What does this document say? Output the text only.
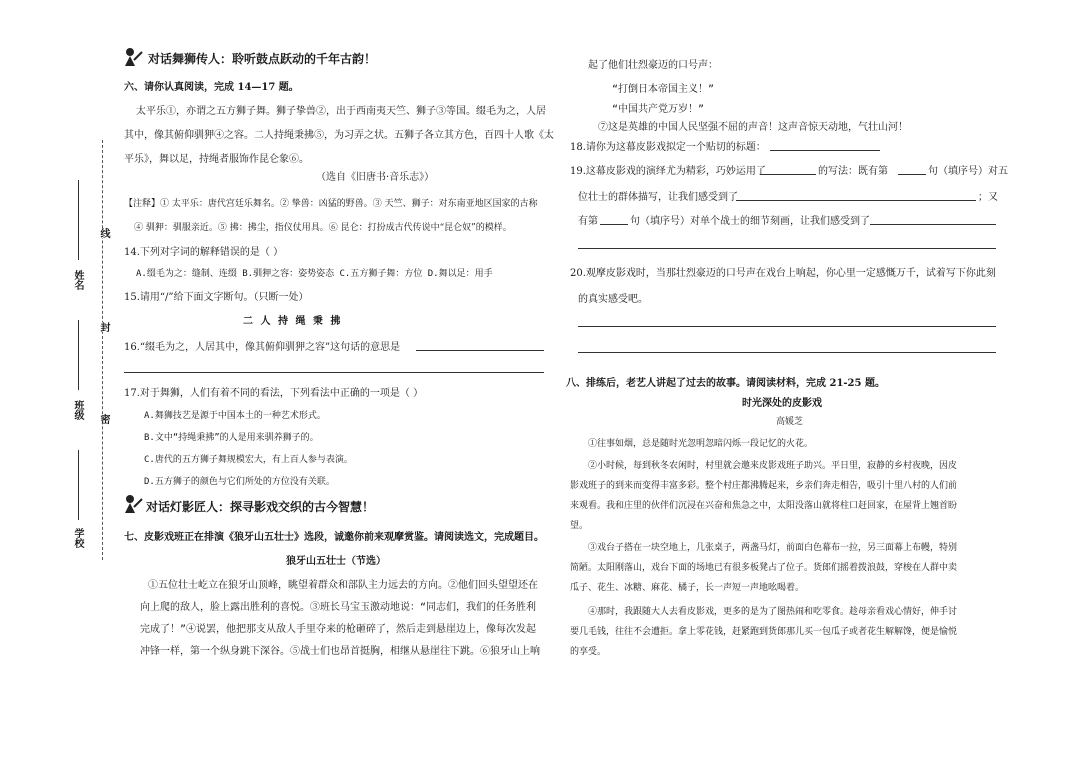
姓名
班级
学校
线
封
密
对话舞狮传人：聆听鼓点跃动的千年古韵！
六、请你认真阅读，完成 14—17 题。
太平乐①，亦谓之五方狮子舞。狮子挚兽②，出于西南夷天竺、狮子③等国。缀毛为之，人居
其中，像其俯仰驯狎④之容。二人持绳秉拂⑤，为习弄之状。五狮子各立其方色，百四十人歌《太
平乐》，舞以足，持绳者服饰作昆仑象⑥。
（选自《旧唐书·音乐志》）
【注释】① 太平乐：唐代宫廷乐舞名。② 挚兽：凶猛的野兽。③ 天竺、狮子：对东南亚地区国家的古称
④ 驯狎：驯服亲近。⑤ 拂：拂尘，指仪仗用具。⑥ 昆仑：打扮成古代传说中“昆仑奴”的模样。
14.下列对字词的解释错误的是（ ）
A.缀毛为之：缝制、连缀 B.驯狎之容：姿势姿态 C.五方狮子舞：方位 D.舞以足：用手
15.请用“/”给下面文字断句。（只断一处）
二 人 持 绳 秉 拂
16.“缀毛为之，人居其中，像其俯仰驯狎之容”这句话的意思是
17.对于舞狮，人们有着不同的看法，下列看法中正确的一项是（ ）
A.舞狮技艺是源于中国本土的一种艺术形式。
B.文中“持绳秉拂”的人是用来驯养狮子的。
C.唐代的五方狮子舞规模宏大，有上百人参与表演。
D.五方狮子的颜色与它们所处的方位没有关联。
对话灯影匠人：探寻影戏交织的古今智慧！
七、皮影戏班正在排演《狼牙山五壮士》选段，诚邀你前来观摩赏鉴。请阅读选文，完成题目。
狼牙山五壮士（节选）
①五位壮士屹立在狼牙山顶峰，眺望着群众和部队主力远去的方向。②他们回头望望还在
向上爬的敌人，脸上露出胜利的喜悦。③班长马宝玉激动地说：“同志们，我们的任务胜利
完成了！”④说罢，他把那支从敌人手里夺来的枪砸碎了，然后走到悬崖边上，像每次发起
冲锋一样，第一个纵身跳下深谷。⑤战士们也昂首挺胸，相继从悬崖往下跳。⑥狼牙山上响
起了他们壮烈豪迈的口号声：
“打倒日本帝国主义！”
“中国共产党万岁！”
⑦这是英雄的中国人民坚强不屈的声音！这声音惊天动地，气壮山河！
18.请你为这幕皮影戏拟定一个贴切的标题：
19.这幕皮影戏的演绎尤为精彩，巧妙运用了	的写法：既有第	句（填序号）对五
位壮士的群体描写，让我们感受到了	；又
有第	句（填序号）对单个战士的细节刻画，让我们感受到了
20.观摩皮影戏时，当那壮烈豪迈的口号声在戏台上响起，你心里一定感慨万千，试着写下你此刻
的真实感受吧。
八、排练后，老艺人讲起了过去的故事。请阅读材料，完成 21-25 题。
时光深处的皮影戏
高媛芝
①往事如烟，总是随时光忽明忽暗闪烁一段记忆的火花。
②小时候，每到秋冬农闲时，村里就会邀来皮影戏班子助兴。平日里，寂静的乡村夜晚，因皮
影戏班子的到来而变得丰富多彩。整个村庄都沸腾起来，乡亲们奔走相告，吸引十里八村的人们前
来观看。我和庄里的伙伴们沉浸在兴奋和焦急之中，太阳没落山就将柱口赶回家，在屋背上翘首盼
望。
③戏台子搭在一块空地上，几张桌子，两盏马灯，前面白色幕布一拉，另三面幕上布幔，特别
简陋。太阳刚落山，戏台下面的场地已有很多板凳占了位子。货郎们摇着拨浪鼓，穿梭在人群中卖
瓜子、花生、冰糖、麻花、橘子，长一声短一声地吆喝着。
④那时，我跟随大人去看皮影戏，更多的是为了图热闹和吃零食。趁母亲看戏心情好，伸手讨
要几毛钱，往往不会遭拒。拿上零花钱，赶紧跑到货郎那儿买一包瓜子或者花生解解馋，便是愉悦
的享受。
